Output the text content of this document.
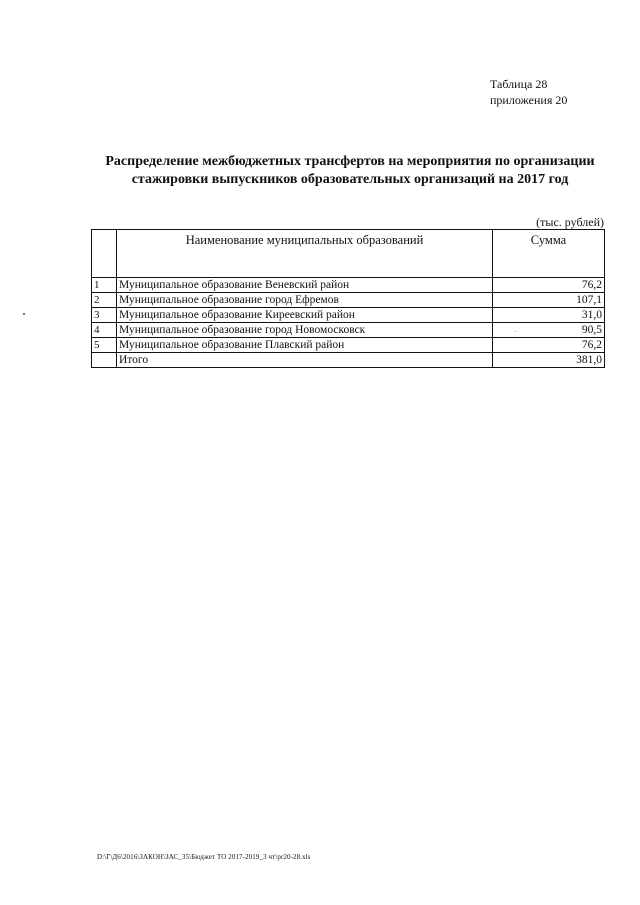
Таблица 28
приложения 20
Распределение межбюджетных трансфертов на мероприятия по организации
стажировки выпускников образовательных организаций на 2017 год
(тыс. рублей)
	Наименование муниципальных образований	Сумма
1	Муниципальное образование Веневский район	76,2
2	Муниципальное образование город Ефремов	107,1
3	Муниципальное образование Киреевский район	31,0
4	Муниципальное образование город Новомосковск	90,5
5	Муниципальное образование Плавский район	76,2
	Итого	381,0
D:\Г\Д6\2016\ЗАКОН\ЗАС_35\Бюджет ТО 2017-2019_3 чт\pr20-28.xls
